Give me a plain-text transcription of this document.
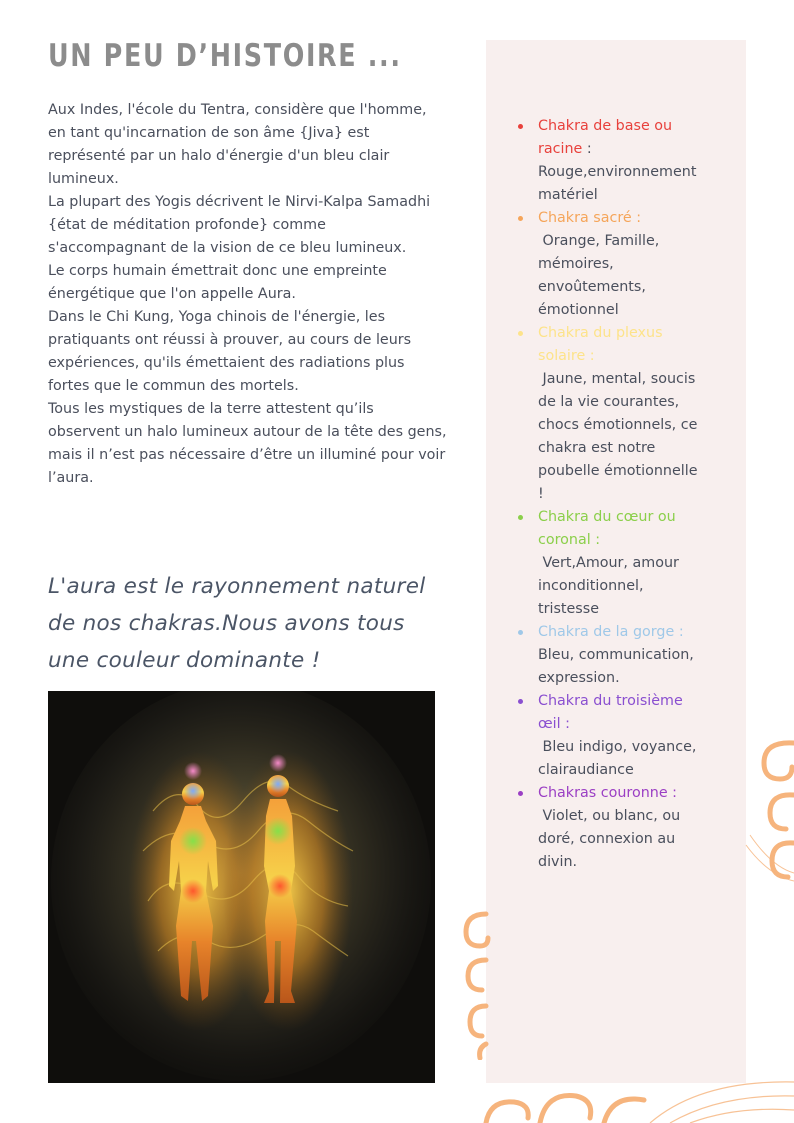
UN PEU D’HISTOIRE ...

Aux Indes, l'école du Tentra, considère que l'homme, en tant qu'incarnation de son âme {Jiva} est représenté par un halo d'énergie d'un bleu clair lumineux.

La plupart des Yogis décrivent le Nirvi-Kalpa Samadhi {état de méditation profonde} comme s'accompagnant de la vision de ce bleu lumineux.

Le corps humain émettrait donc une empreinte énergétique que l'on appelle Aura.

Dans le Chi Kung, Yoga chinois de l'énergie, les pratiquants ont réussi à prouver, au cours de leurs expériences, qu'ils émettaient des radiations plus fortes que le commun des mortels.

Tous les mystiques de la terre attestent qu’ils observent un halo lumineux autour de la tête des gens, mais il n’est pas nécessaire d’être un illuminé pour voir l’aura.

L'aura est le rayonnement naturel de nos chakras.Nous avons tous une couleur dominante !

Chakra de base ou racine :
Rouge,environnement matériel
Chakra sacré :
Orange, Famille, mémoires, envoûtements, émotionnel
Chakra du plexus solaire :
Jaune, mental, soucis de la vie courantes, chocs émotionnels, ce chakra est notre poubelle émotionnelle !
Chakra du cœur ou coronal :
Vert,Amour, amour inconditionnel, tristesse
Chakra de la gorge :
Bleu, communication, expression.
Chakra du troisième œil :
Bleu indigo, voyance, clairaudiance
Chakras couronne :
Violet, ou blanc, ou doré, connexion au divin.
